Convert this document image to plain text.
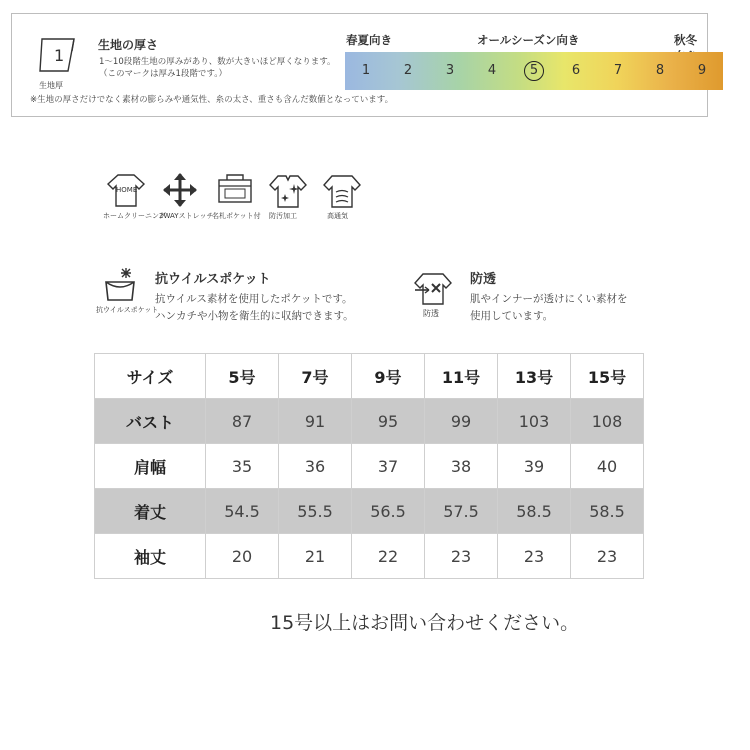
1
生地厚
生地の厚さ
1～10段階生地の厚みがあり、数が大きいほど厚くなります。
（このマークは厚み1段階です。）
※生地の厚さだけでなく素材の膨らみや通気性、糸の太さ、重さも含んだ数値となっています。
春夏向き	オールシーズン向き	秋冬
1	2	3	4	5	6	7	8	9
HOME
ホームクリーニング
2WAYストレッチ
名札ポケット付 防汚加工	高通気
抗ウイルスポケット
抗ウイルスポケット
抗ウイルス素材を使用したポケットです。
ハンカチや小物を衛生的に収納できます。	防透
防透
肌やインナーが透けにくい素材を
使用しています。
サイズ	5号	7号	9号	11号	13号	15号
バスト	87	91	95	99	103	108
肩幅	35	36	37	38	39	40
着丈	54.5	55.5	56.5	57.5	58.5	58.5
袖丈	20	21	22	23	23	23
15号以上はお問い合わせください。
